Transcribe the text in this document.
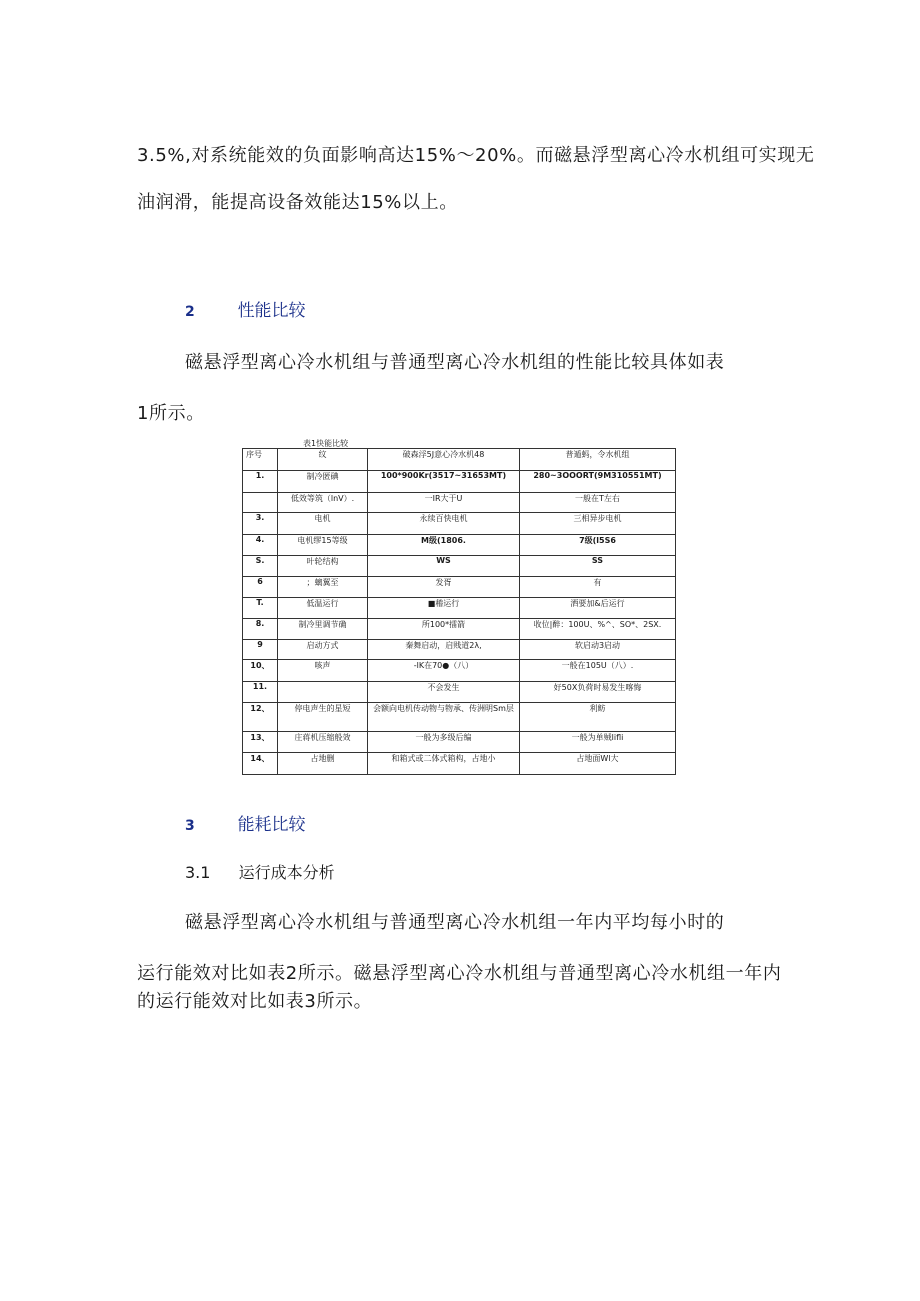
3.5%,对系统能效的负面影响高达15%～20%。而磁悬浮型离心冷水机组可实现无
油润滑，能提高设备效能达15%以上。
2	性能比较
磁悬浮型离心冷水机组与普通型离心冷水机组的性能比较具体如表
1所示。
表1快能比较
序号	纹	破森浮5J意心冷水机48	普遁蚂，令水机组
1.	制冷匿碘	100*900Kr(3517~31653MT)	280~3OOORT(9M310551MT)
	低效等筑（lnV）.	一IR大于U	一般在T左右
3.	电机	永续百快电机	三相异步电机
4.	电机缪15等级	M级(1806.	7级(l5S6
S.	叶轮结构	WS	SS
6	；螭翼至	发胥	有
T.	低温运行	■稽运行	洒要加&后运行
8.	制冷里调节确	所100*擂箭	收位|醉：100U、%^、SO*、2SX.
9	启动方式	秦舞启动，启贱道2λ,	软启动3启动
10、	咳声	-lK在70●（八）	一般在105U（八）.
11.		不会发生	好50X负荷时易发生喀悔
12、	停电声生的星短	会额向电机传动物与物承、传洲明Sm层	利鲂
13、	庄蒋机压缩般效	一般为多级后编	一般为单贼lifli
14、	占地删	和箱式或二体式箱构，占地小	占地面Wl大
3	能耗比较
3.1 运行成本分析
磁悬浮型离心冷水机组与普通型离心冷水机组一年内平均每小时的
运行能效对比如表2所示。磁悬浮型离心冷水机组与普通型离心冷水机组一年内
的运行能效对比如表3所示。
